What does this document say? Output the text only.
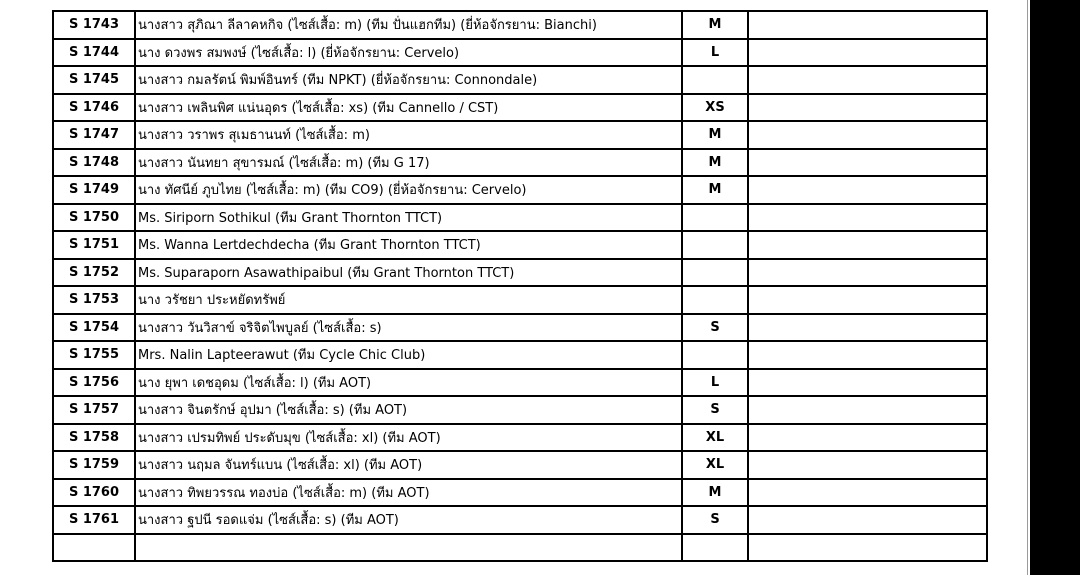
S 1743	นางสาว สุภิณา ลีลาคหกิจ (ไซส์เสื้อ: m) (ทีม ปั่นแฮกทีม) (ยี่ห้อจักรยาน: Bianchi)	M	
S 1744	นาง ดวงพร สมพงษ์ (ไซส์เสื้อ: l) (ยี่ห้อจักรยาน: Cervelo)	L	
S 1745	นางสาว กมลรัตน์ พิมพ์อินทร์ (ทีม NPKT) (ยี่ห้อจักรยาน: Connondale)		
S 1746	นางสาว เพลินพิศ แน่นอุดร (ไซส์เสื้อ: xs) (ทีม Cannello / CST)	XS	
S 1747	นางสาว วราพร สุเมธานนท์ (ไซส์เสื้อ: m)	M	
S 1748	นางสาว นันทยา สุขารมณ์ (ไซส์เสื้อ: m) (ทีม G 17)	M	
S 1749	นาง ทัศนีย์ ภูบไทย (ไซส์เสื้อ: m) (ทีม CO9) (ยี่ห้อจักรยาน: Cervelo)	M	
S 1750	Ms. Siriporn Sothikul (ทีม Grant Thornton TTCT)		
S 1751	Ms. Wanna Lertdechdecha (ทีม Grant Thornton TTCT)		
S 1752	Ms. Suparaporn Asawathipaibul (ทีม Grant Thornton TTCT)		
S 1753	นาง วรัชยา ประหยัดทรัพย์		
S 1754	นางสาว วันวิสาข์ จริจิตไพบูลย์ (ไซส์เสื้อ: s)	S	
S 1755	Mrs. Nalin Lapteerawut (ทีม Cycle Chic Club)		
S 1756	นาง ยุพา เดชอุดม (ไซส์เสื้อ: l) (ทีม AOT)	L	
S 1757	นางสาว จินตรักษ์ อุปมา (ไซส์เสื้อ: s) (ทีม AOT)	S	
S 1758	นางสาว เปรมทิพย์ ประดับมุข (ไซส์เสื้อ: xl) (ทีม AOT)	XL	
S 1759	นางสาว นฤมล จันทร์แบน (ไซส์เสื้อ: xl) (ทีม AOT)	XL	
S 1760	นางสาว ทิพยวรรณ ทองบ่อ (ไซส์เสื้อ: m) (ทีม AOT)	M	
S 1761	นางสาว ฐปนี รอดแจ่ม (ไซส์เสื้อ: s) (ทีม AOT)	S	
